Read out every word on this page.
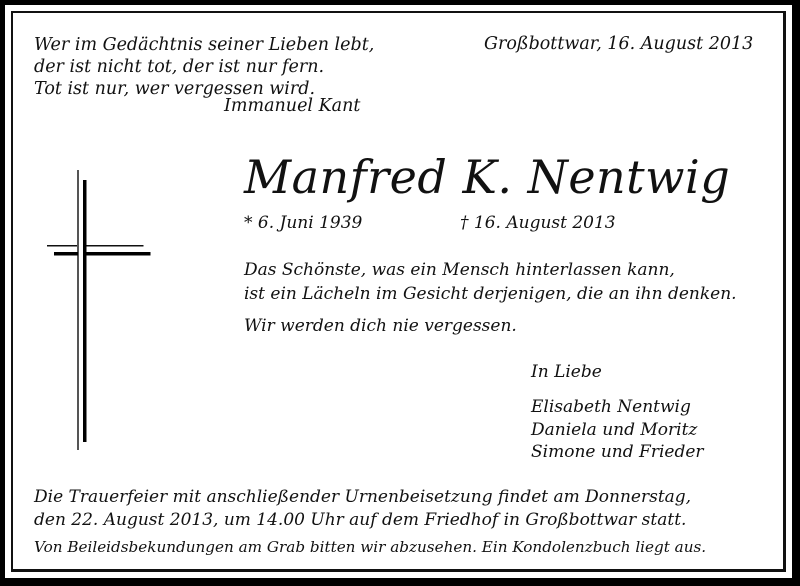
Wer im Gedächtnis seiner Lieben lebt,
der ist nicht tot, der ist nur fern.
Tot ist nur, wer vergessen wird.
Immanuel Kant
Großbottwar, 16. August 2013
Manfred K. Nentwig
* 6. Juni 1939	† 16. August 2013
Das Schönste, was ein Mensch hinterlassen kann,
ist ein Lächeln im Gesicht derjenigen, die an ihn denken.
Wir werden dich nie vergessen.
In Liebe
Elisabeth Nentwig
Daniela und Moritz
Simone und Frieder
Die Trauerfeier mit anschließender Urnenbeisetzung findet am Donnerstag,
den 22. August 2013, um 14.00 Uhr auf dem Friedhof in Großbottwar statt.
Von Beileidsbekundungen am Grab bitten wir abzusehen. Ein Kondolenzbuch liegt aus.
